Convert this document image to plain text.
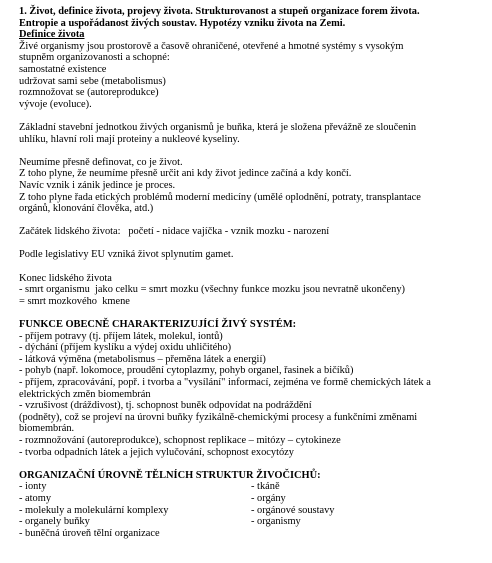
1. Život, definice života, projevy života. Strukturovanost a stupeň organizace forem života.

Entropie a uspořádanost živých soustav. Hypotézy vzniku života na Zemi.

Definice života

Živé organismy jsou prostorově a časově ohraničené, otevřené a hmotné systémy s vysokým

stupněm organizovanosti a schopné:

samostatné existence

udržovat sami sebe (metabolismus)

rozmnožovat se (autoreprodukce)

vývoje (evoluce).

Základní stavební jednotkou živých organismů je buňka, která je složena převážně ze sloučenin

uhlíku, hlavní roli mají proteiny a nukleové kyseliny.

Neumíme přesně definovat, co je život.

Z toho plyne, že neumíme přesně určit ani kdy život jedince začíná a kdy končí.

Navíc vznik i zánik jedince je proces.

Z toho plyne řada etických problémů moderní medicíny (umělé oplodnění, potraty, transplantace

orgánů, klonování člověka, atd.)

Začátek lidského života:   početí - nidace vajíčka - vznik mozku - narození

Podle legislativy EU vzniká život splynutím gamet.

Konec lidského života

- smrt organismu  jako celku = smrt mozku (všechny funkce mozku jsou nevratně ukončeny)

= smrt mozkového  kmene

FUNKCE OBECNĚ CHARAKTERIZUJÍCÍ ŽIVÝ SYSTÉM:

- příjem potravy (tj. příjem látek, molekul, iontů)

- dýchání (příjem kyslíku a výdej oxidu uhličitého)

- látková výměna (metabolismus – přeměna látek a energií)

- pohyb (např. lokomoce, proudění cytoplazmy, pohyb organel, řasinek a bičíků)

- příjem, zpracovávání, popř. i tvorba a "vysílání" informací, zejména ve formě chemických látek a

elektrických změn biomembrán

- vzrušivost (dráždivost), tj. schopnost buněk odpovídat na podráždění

(podněty), což se projeví na úrovni buňky fyzikálně-chemickými procesy a funkčními změnami

biomembrán.

- rozmnožování (autoreprodukce), schopnost replikace – mitózy – cytokineze

- tvorba odpadních látek a jejich vylučování, schopnost exocytózy

ORGANIZAČNÍ ÚROVNĚ TĚLNÍCH STRUKTUR ŽIVOČICHŮ:

- ionty

- atomy

- molekuly a molekulární komplexy

- organely buňky

- buněčná úroveň tělní organizace

- tkáně

- orgány

- orgánové soustavy

- organismy
